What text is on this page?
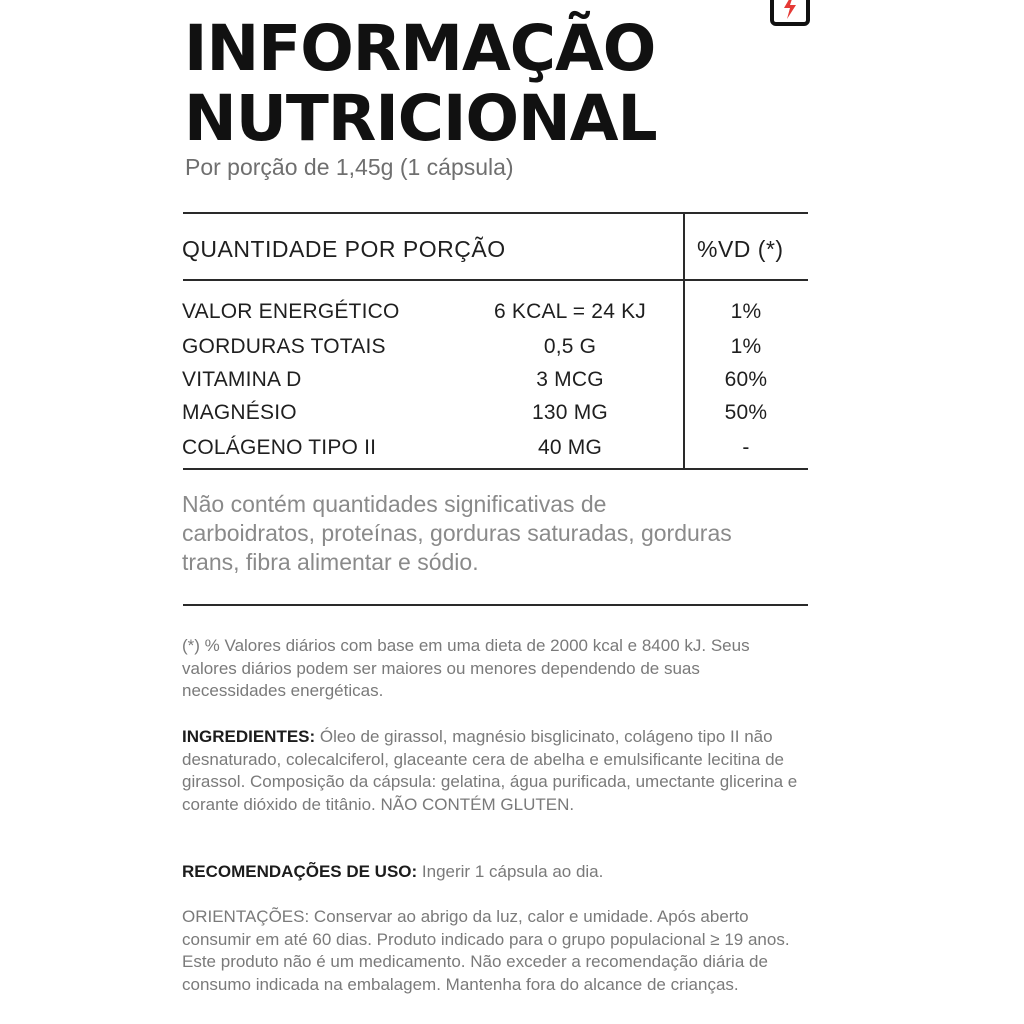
INFORMAÇÃO
NUTRICIONAL
Por porção de 1,45g (1 cápsula)
QUANTIDADE POR PORÇÃO	%VD (*)
VALOR ENERGÉTICO	6 KCAL = 24 KJ	1%
GORDURAS TOTAIS	0,5 G	1%
VITAMINA D	3 MCG	60%
MAGNÉSIO	130 MG	50%
COLÁGENO TIPO II	40 MG	-
Não contém quantidades significativas de carboidratos, proteínas, gorduras saturadas, gorduras trans, fibra alimentar e sódio.
(*) % Valores diários com base em uma dieta de 2000 kcal e 8400 kJ. Seus valores diários podem ser maiores ou menores dependendo de suas necessidades energéticas.
INGREDIENTES: Óleo de girassol, magnésio bisglicinato, colágeno tipo II não desnaturado, colecalciferol, glaceante cera de abelha e emulsificante lecitina de girassol. Composição da cápsula: gelatina, água purificada, umectante glicerina e corante dióxido de titânio. NÃO CONTÉM GLUTEN.
RECOMENDAÇÕES DE USO: Ingerir 1 cápsula ao dia.
ORIENTAÇÕES: Conservar ao abrigo da luz, calor e umidade. Após aberto consumir em até 60 dias. Produto indicado para o grupo populacional ≥ 19 anos. Este produto não é um medicamento. Não exceder a recomendação diária de consumo indicada na embalagem. Mantenha fora do alcance de crianças.
